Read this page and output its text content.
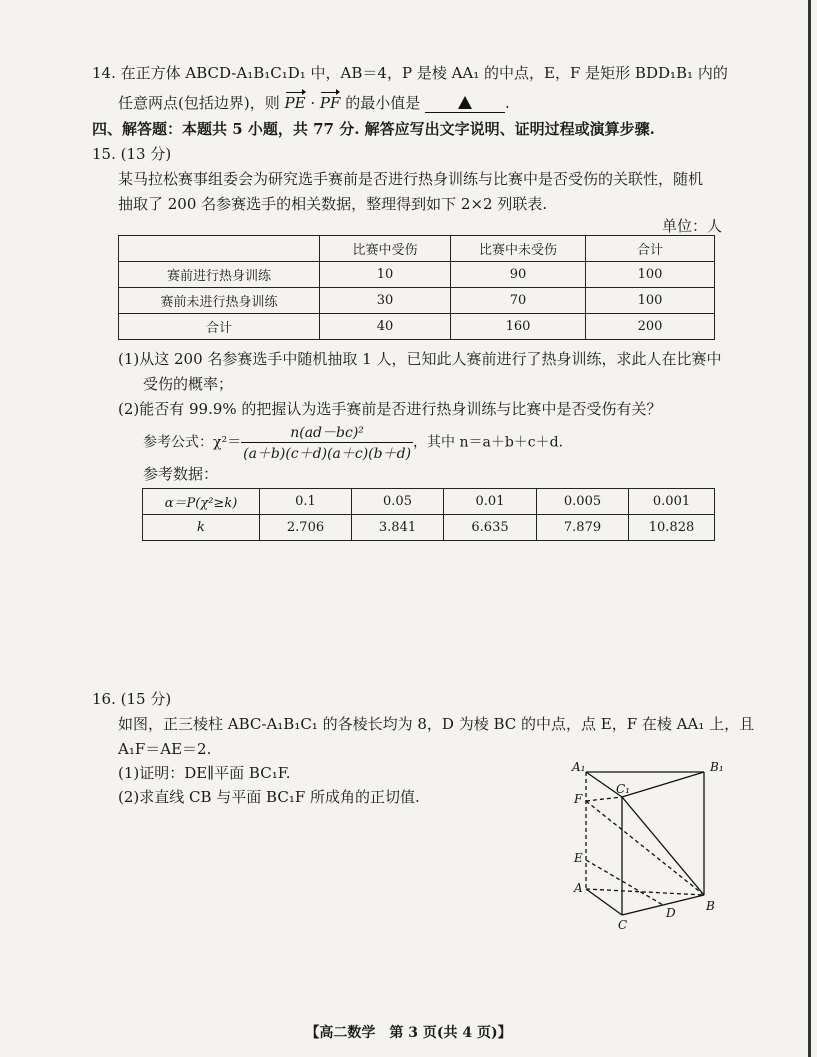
14. 在正方体 ABCD-A₁B₁C₁D₁ 中，AB＝4，P 是棱 AA₁ 的中点，E，F 是矩形 BDD₁B₁ 内的
任意两点(包括边界)，则 PE · PF 的最小值是	.
四、解答题：本题共 5 小题，共 77 分. 解答应写出文字说明、证明过程或演算步骤.
15. (13 分)
某马拉松赛事组委会为研究选手赛前是否进行热身训练与比赛中是否受伤的关联性，随机
抽取了 200 名参赛选手的相关数据，整理得到如下 2×2 列联表.
单位：人
	比赛中受伤	比赛中未受伤	合计
赛前进行热身训练	10	90	100
赛前未进行热身训练	30	70	100
合计	40	160	200
(1)从这 200 名参赛选手中随机抽取 1 人，已知此人赛前进行了热身训练，求此人在比赛中
受伤的概率；
(2)能否有 99.9% 的把握认为选手赛前是否进行热身训练与比赛中是否受伤有关？
参考公式：$\chi^2= \frac{\text{n(ad－bc)²}}{(a+b)(c+d)(a+c)(b+d)}$ ，其中 n＝a＋b＋c＋d.
参考数据：
α＝P(χ²≥k)	0.1	0.05	0.01	0.005	0.001
k	2.706	3.841	6.635	7.879	10.828
16. (15 分)
如图，正三棱柱 ABC-A₁B₁C₁ 的各棱长均为 8，D 为棱 BC 的中点，点 E，F 在棱 AA₁ 上，且
A₁F＝AE＝2.
(1)证明：DE∥平面 BC₁F.
(2)求直线 CB 与平面 BC₁F 所成角的正切值.
A₁	B₁
C₁
F
E
A
B
C
D
【高二数学　第 3 页(共 4 页)】
